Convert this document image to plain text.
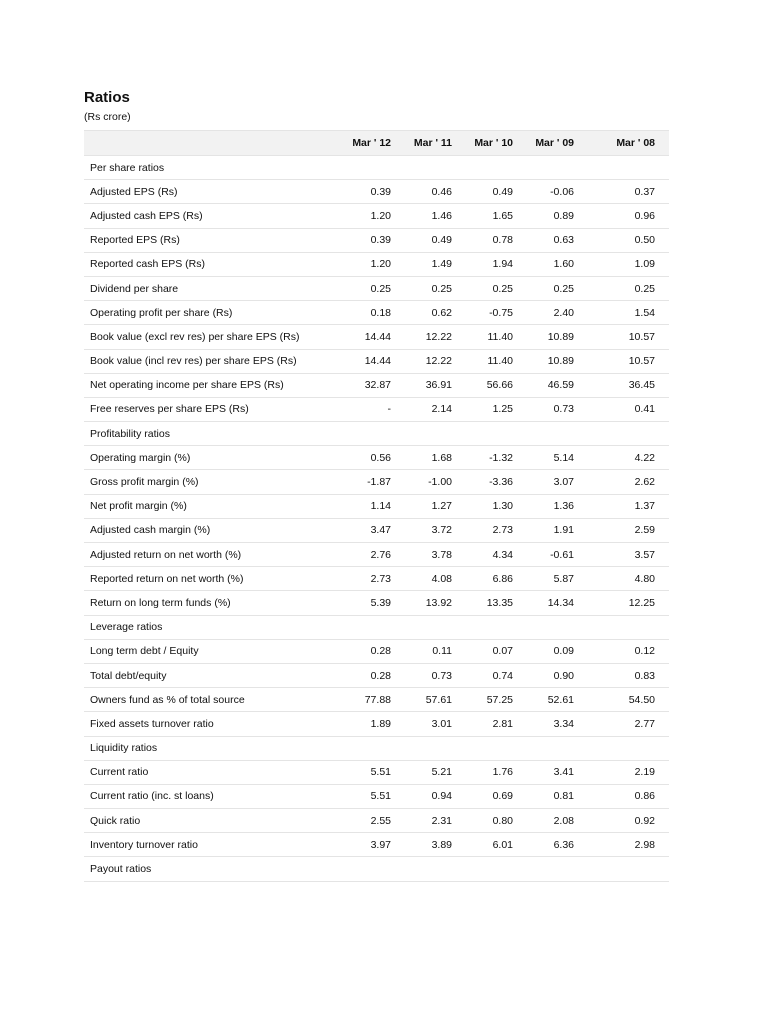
Ratios
(Rs crore)
	Mar ' 12	Mar ' 11	Mar ' 10	Mar ' 09	Mar ' 08
Per share ratios					
Adjusted EPS (Rs)	0.39	0.46	0.49	-0.06	0.37
Adjusted cash EPS (Rs)	1.20	1.46	1.65	0.89	0.96
Reported EPS (Rs)	0.39	0.49	0.78	0.63	0.50
Reported cash EPS (Rs)	1.20	1.49	1.94	1.60	1.09
Dividend per share	0.25	0.25	0.25	0.25	0.25
Operating profit per share (Rs)	0.18	0.62	-0.75	2.40	1.54
Book value (excl rev res) per share EPS (Rs)	14.44	12.22	11.40	10.89	10.57
Book value (incl rev res) per share EPS (Rs)	14.44	12.22	11.40	10.89	10.57
Net operating income per share EPS (Rs)	32.87	36.91	56.66	46.59	36.45
Free reserves per share EPS (Rs)	-	2.14	1.25	0.73	0.41
Profitability ratios					
Operating margin (%)	0.56	1.68	-1.32	5.14	4.22
Gross profit margin (%)	-1.87	-1.00	-3.36	3.07	2.62
Net profit margin (%)	1.14	1.27	1.30	1.36	1.37
Adjusted cash margin (%)	3.47	3.72	2.73	1.91	2.59
Adjusted return on net worth (%)	2.76	3.78	4.34	-0.61	3.57
Reported return on net worth (%)	2.73	4.08	6.86	5.87	4.80
Return on long term funds (%)	5.39	13.92	13.35	14.34	12.25
Leverage ratios					
Long term debt / Equity	0.28	0.11	0.07	0.09	0.12
Total debt/equity	0.28	0.73	0.74	0.90	0.83
Owners fund as % of total source	77.88	57.61	57.25	52.61	54.50
Fixed assets turnover ratio	1.89	3.01	2.81	3.34	2.77
Liquidity ratios					
Current ratio	5.51	5.21	1.76	3.41	2.19
Current ratio (inc. st loans)	5.51	0.94	0.69	0.81	0.86
Quick ratio	2.55	2.31	0.80	2.08	0.92
Inventory turnover ratio	3.97	3.89	6.01	6.36	2.98
Payout ratios					
